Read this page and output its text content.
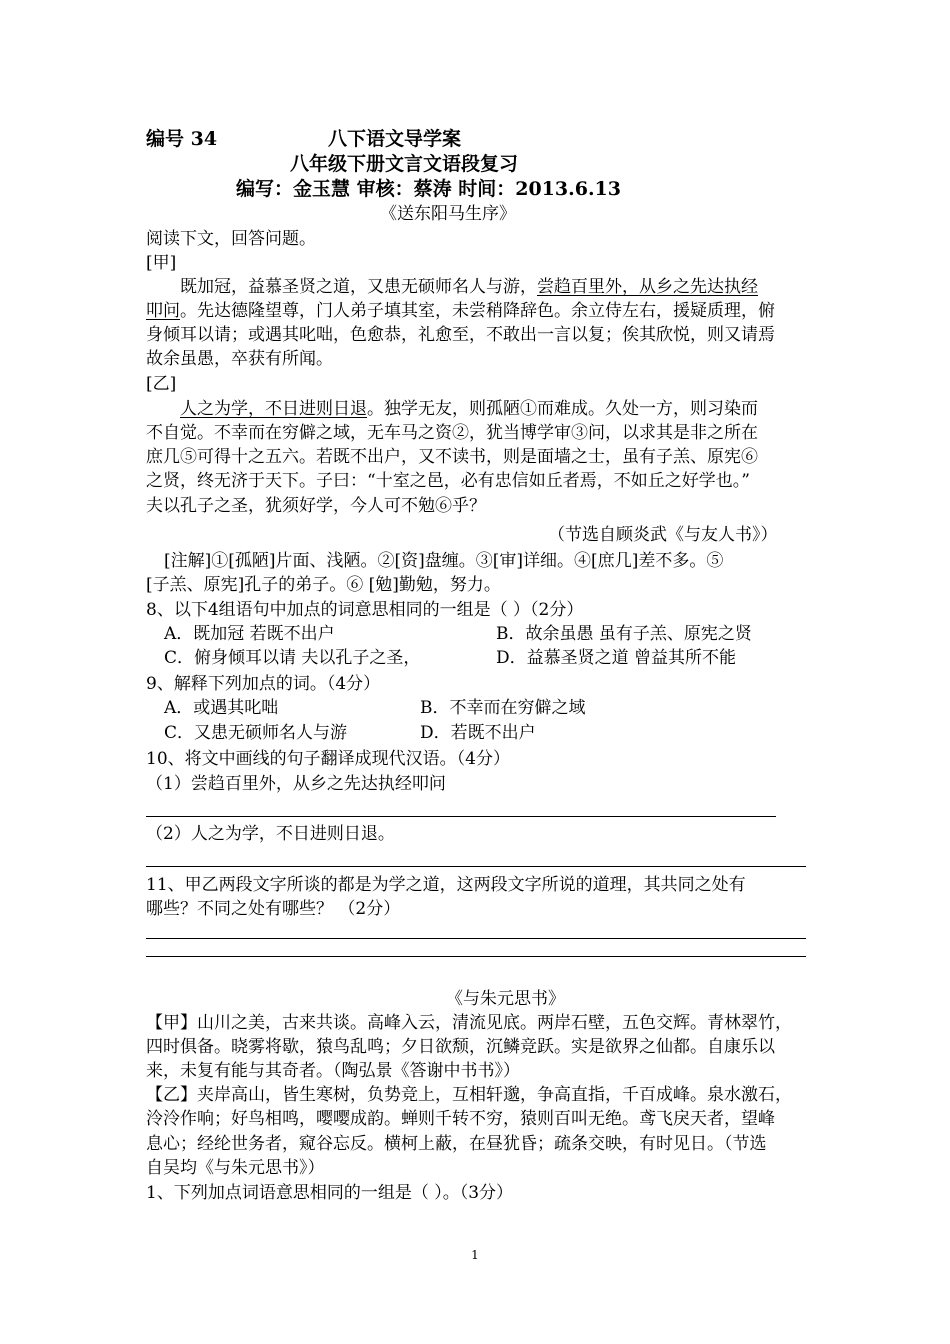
编号 34	八下语文导学案
八年级下册文言文语段复习
编写：金玉慧 审核：蔡涛 时间：2013.6.13
《送东阳马生序》
阅读下文，回答问题。
[甲]
既加冠，益慕圣贤之道，又患无硕师名人与游，尝趋百里外，从乡之先达执经
叩问。先达德隆望尊，门人弟子填其室，未尝稍降辞色。余立侍左右，援疑质理，俯
身倾耳以请；或遇其叱咄，色愈恭，礼愈至，不敢出一言以复；俟其欣悦，则又请焉
故余虽愚，卒获有所闻。
[乙]
人之为学，不日进则日退。独学无友，则孤陋①而难成。久处一方，则习染而
不自觉。不幸而在穷僻之域，无车马之资②，犹当博学审③问，以求其是非之所在
庶几⑤可得十之五六。若既不出户，又不读书，则是面墙之士，虽有子羔、原宪⑥
之贤，终无济于天下。子曰：“十室之邑，必有忠信如丘者焉，不如丘之好学也。”
夫以孔子之圣，犹须好学，今人可不勉⑥乎？
（节选自顾炎武《与友人书》）
[注解]①[孤陋]片面、浅陋。②[资]盘缠。③[审]详细。④[庶几]差不多。⑤
[子羔、原宪]孔子的弟子。⑥ [勉]勤勉，努力。
8、以下4组语句中加点的词意思相同的一组是（ ）（2分）
A．既加冠 若既不出户	B．故余虽愚 虽有子羔、原宪之贤
C．俯身倾耳以请 夫以孔子之圣，	D．益慕圣贤之道 曾益其所不能
9、解释下列加点的词。（4分）
A．或遇其叱咄	B．不幸而在穷僻之域
C．又患无硕师名人与游	D．若既不出户
10、将文中画线的句子翻译成现代汉语。（4分）
（1）尝趋百里外，从乡之先达执经叩问
（2）人之为学，不日进则日退。
11、甲乙两段文字所谈的都是为学之道，这两段文字所说的道理，其共同之处有
哪些？不同之处有哪些？ （2分）
《与朱元思书》
【甲】山川之美，古来共谈。高峰入云，清流见底。两岸石壁，五色交辉。青林翠竹，
四时俱备。晓雾将歇，猿鸟乱鸣；夕日欲颓，沉鳞竞跃。实是欲界之仙都。自康乐以
来，未复有能与其奇者。（陶弘景《答谢中书书》）
【乙】夹岸高山，皆生寒树，负势竞上，互相轩邈，争高直指，千百成峰。泉水激石，
泠泠作响；好鸟相鸣，嘤嘤成韵。蝉则千转不穷，猿则百叫无绝。鸢飞戾天者，望峰
息心；经纶世务者，窥谷忘反。横柯上蔽，在昼犹昏；疏条交映，有时见日。（节选
自吴均《与朱元思书》）
1、下列加点词语意思相同的一组是（ ）。（3分）
1
